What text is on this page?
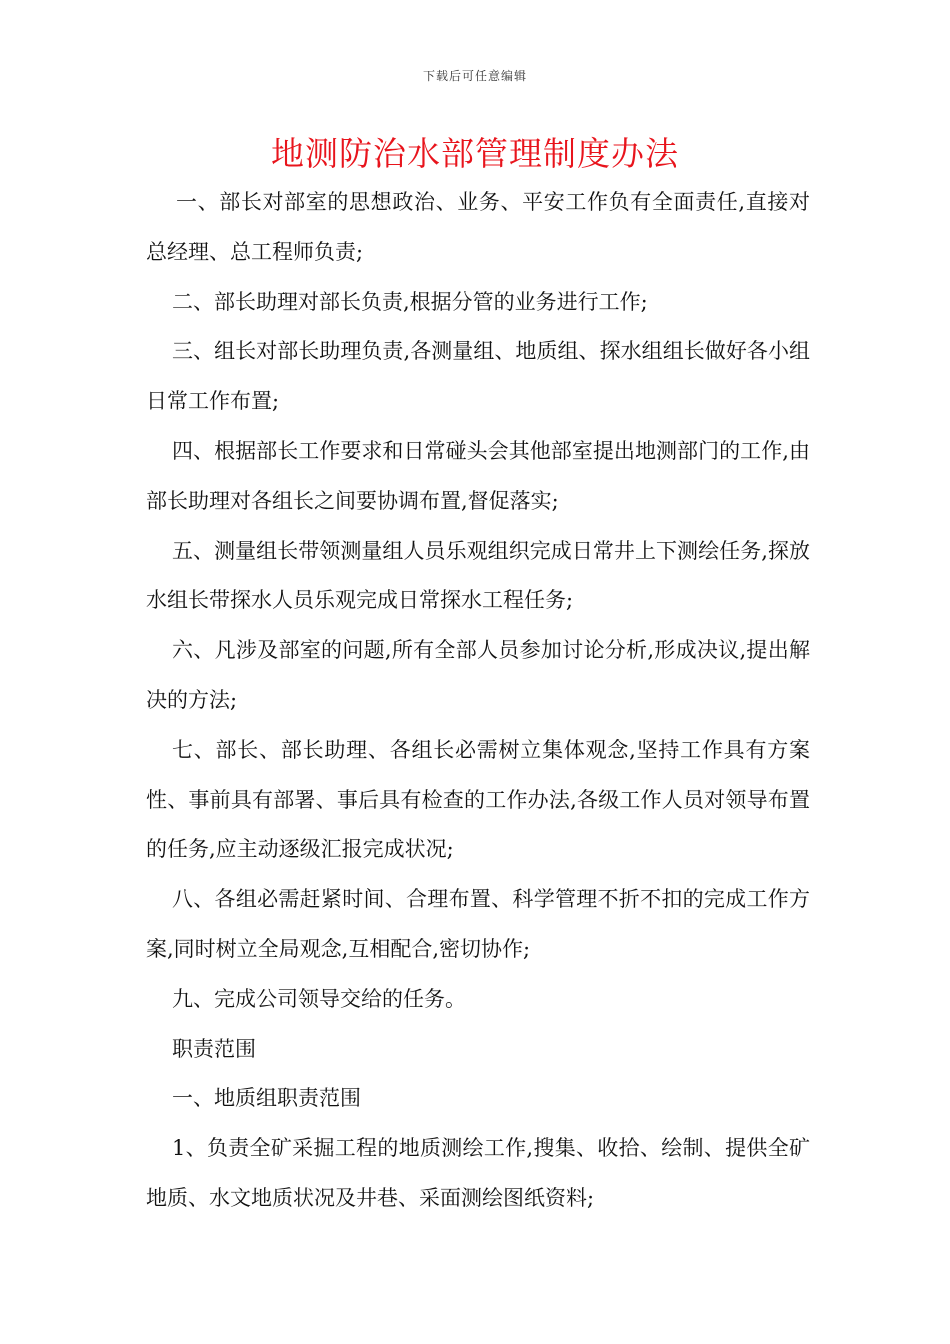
下载后可任意编辑
地测防治水部管理制度办法

一、部长对部室的思想政治、业务、平安工作负有全面责任,直接对总经理、总工程师负责;

二、部长助理对部长负责,根据分管的业务进行工作;

三、组长对部长助理负责,各测量组、地质组、探水组组长做好各小组日常工作布置;

四、根据部长工作要求和日常碰头会其他部室提出地测部门的工作,由部长助理对各组长之间要协调布置,督促落实;

五、测量组长带领测量组人员乐观组织完成日常井上下测绘任务,探放水组长带探水人员乐观完成日常探水工程任务;

六、凡涉及部室的问题,所有全部人员参加讨论分析,形成决议,提出解决的方法;

七、部长、部长助理、各组长必需树立集体观念,坚持工作具有方案性、事前具有部署、事后具有检查的工作办法,各级工作人员对领导布置的任务,应主动逐级汇报完成状况;

八、各组必需赶紧时间、合理布置、科学管理不折不扣的完成工作方案,同时树立全局观念,互相配合,密切协作;

九、完成公司领导交给的任务。

职责范围

一、地质组职责范围

1、负责全矿采掘工程的地质测绘工作,搜集、收拾、绘制、提供全矿地质、水文地质状况及井巷、采面测绘图纸资料;
